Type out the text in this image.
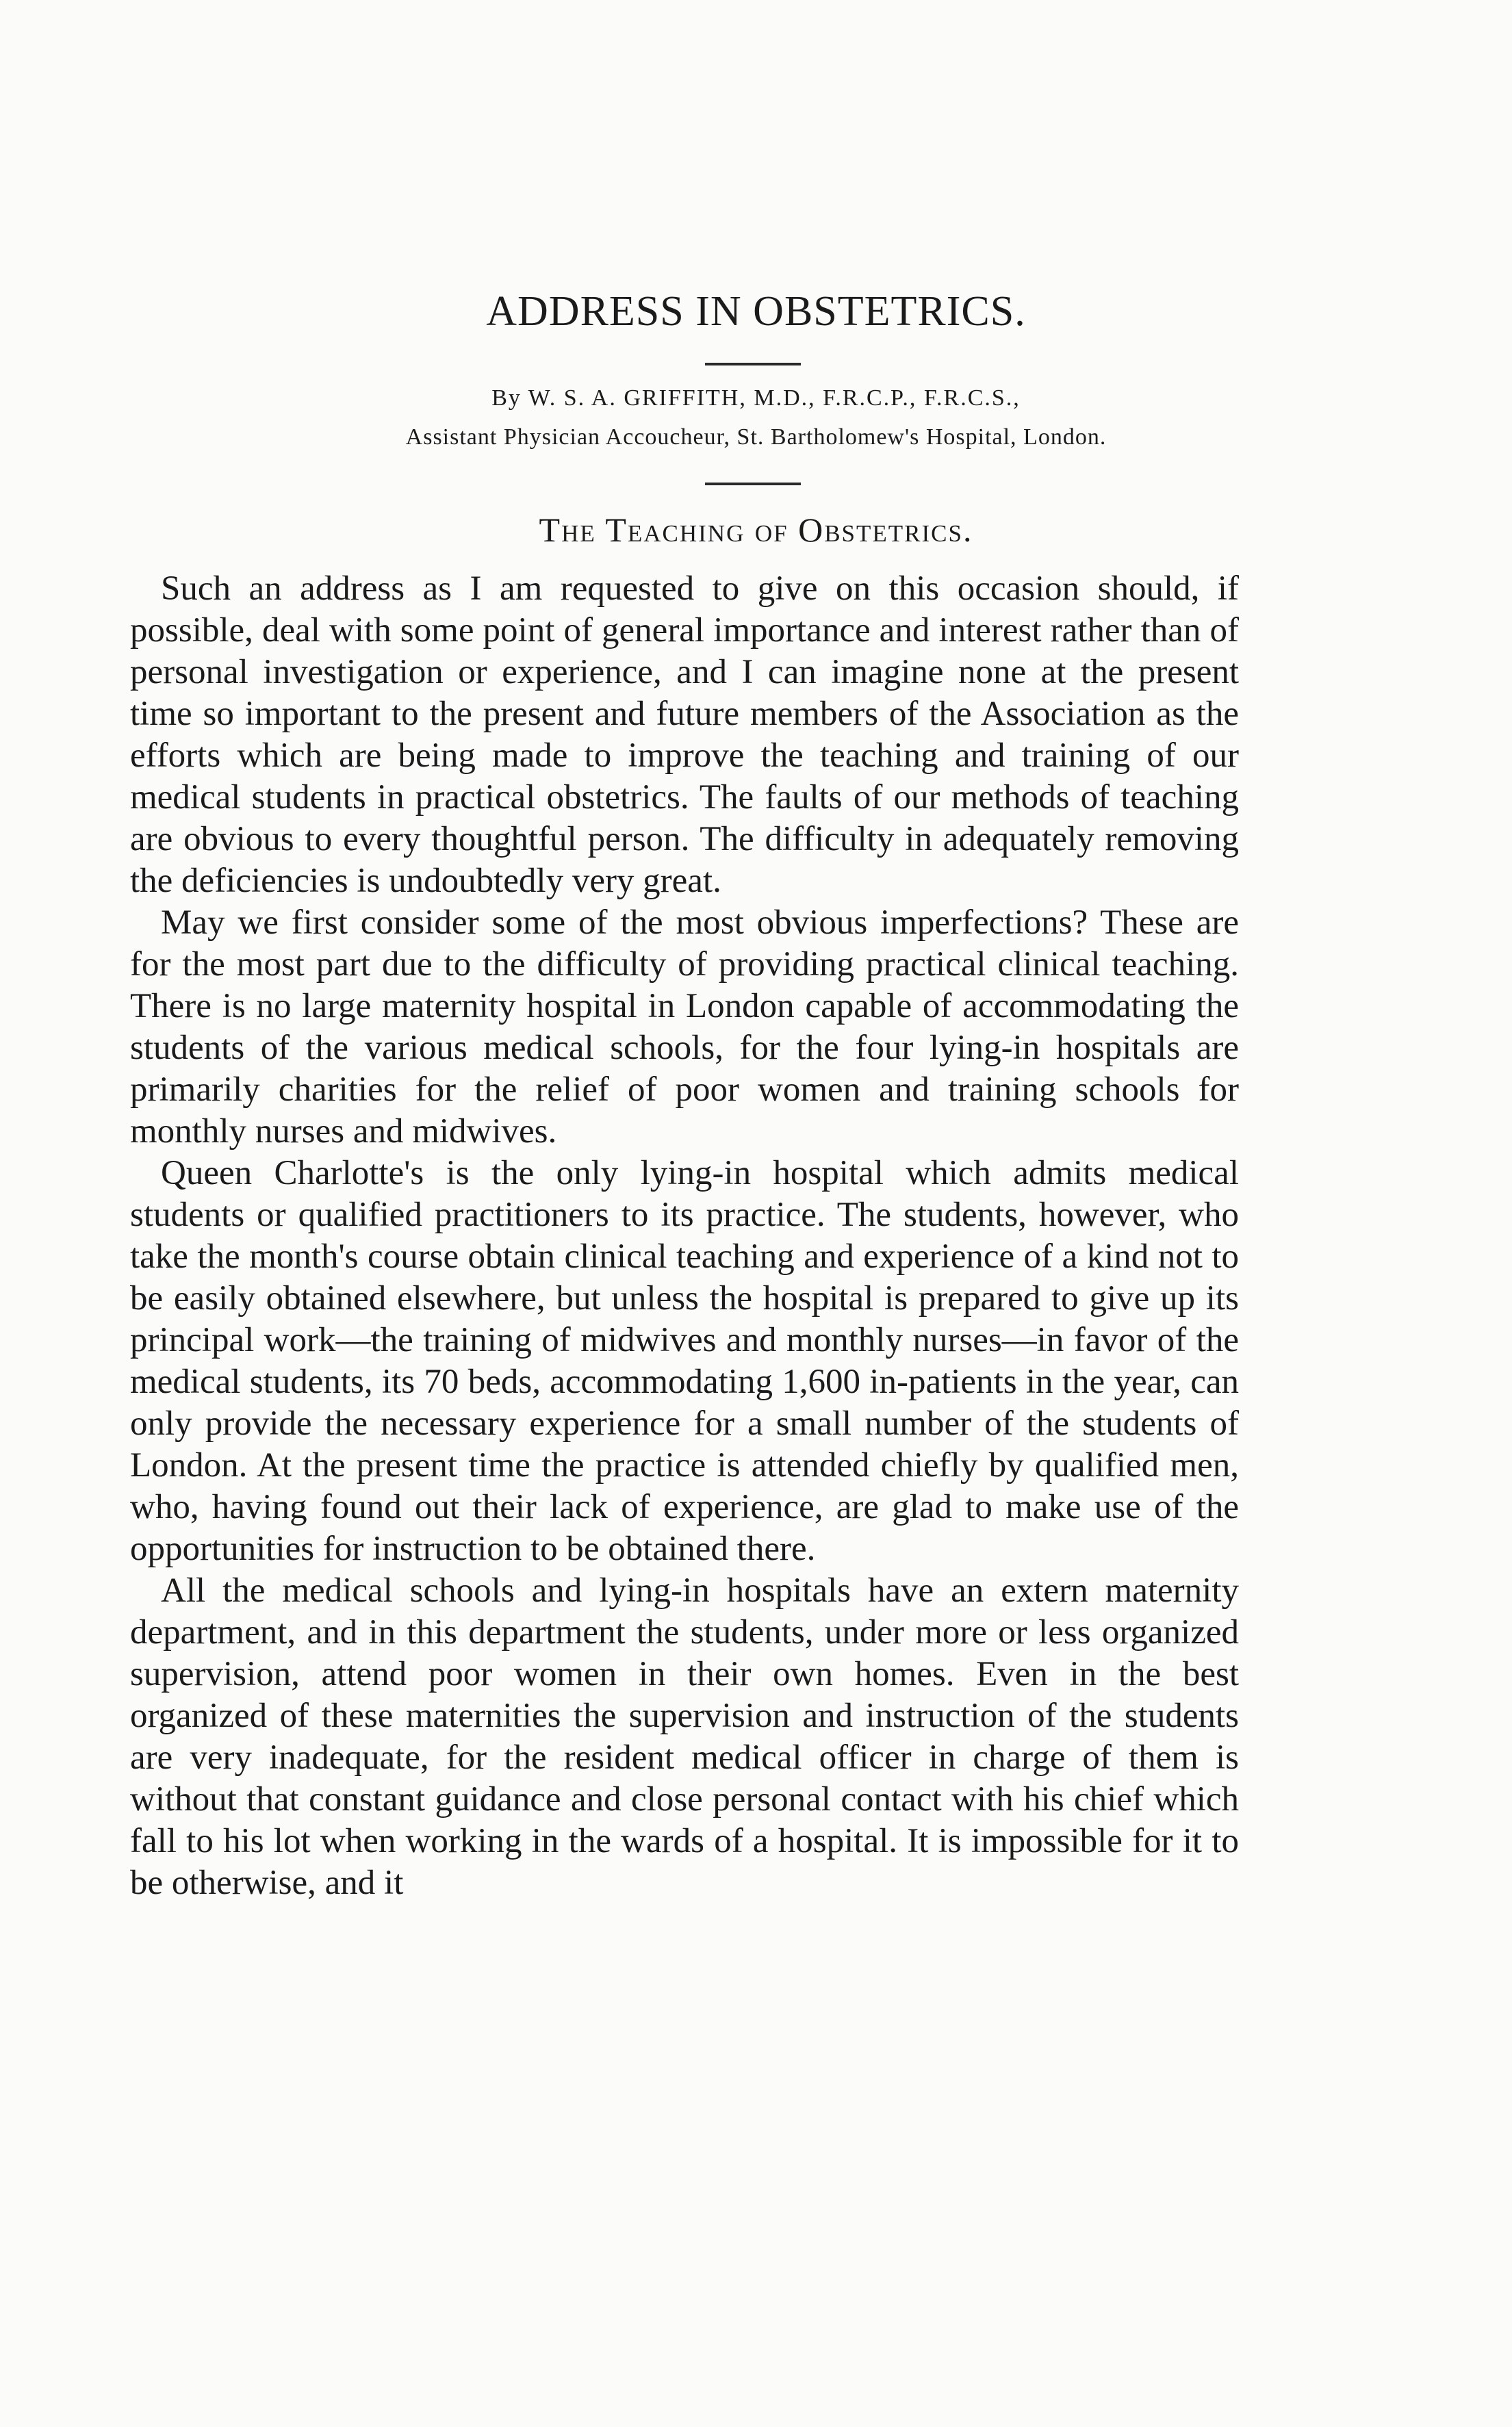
ADDRESS IN OBSTETRICS.
By W. S. A. GRIFFITH, M.D., F.R.C.P., F.R.C.S.,
Assistant Physician Accoucheur, St. Bartholomew's Hospital, London.
The Teaching of Obstetrics.

Such an address as I am requested to give on this occasion should, if possible, deal with some point of general importance and interest rather than of personal investigation or experience, and I can imagine none at the present time so important to the present and future members of the Association as the efforts which are being made to improve the teaching and training of our medical students in practical obstetrics. The faults of our methods of teaching are obvious to every thoughtful person. The difficulty in adequately removing the deficiencies is undoubtedly very great.

May we first consider some of the most obvious imperfections? These are for the most part due to the difficulty of providing practical clinical teaching. There is no large maternity hospital in London capable of accommodating the students of the various medical schools, for the four lying-in hospitals are primarily charities for the relief of poor women and training schools for monthly nurses and midwives.

Queen Charlotte's is the only lying-in hospital which admits medical students or qualified practitioners to its practice. The students, however, who take the month's course obtain clinical teaching and experience of a kind not to be easily obtained elsewhere, but unless the hospital is prepared to give up its principal work—the training of midwives and monthly nurses—in favor of the medical students, its 70 beds, accommodating 1,600 in-patients in the year, can only provide the necessary experience for a small number of the students of London. At the present time the practice is attended chiefly by qualified men, who, having found out their lack of experience, are glad to make use of the opportunities for instruction to be obtained there.

All the medical schools and lying-in hospitals have an extern maternity department, and in this department the students, under more or less organized supervision, attend poor women in their own homes. Even in the best organized of these maternities the supervision and instruction of the students are very inadequate, for the resident medical officer in charge of them is without that constant guidance and close personal contact with his chief which fall to his lot when working in the wards of a hospital. It is impossible for it to be otherwise, and it
